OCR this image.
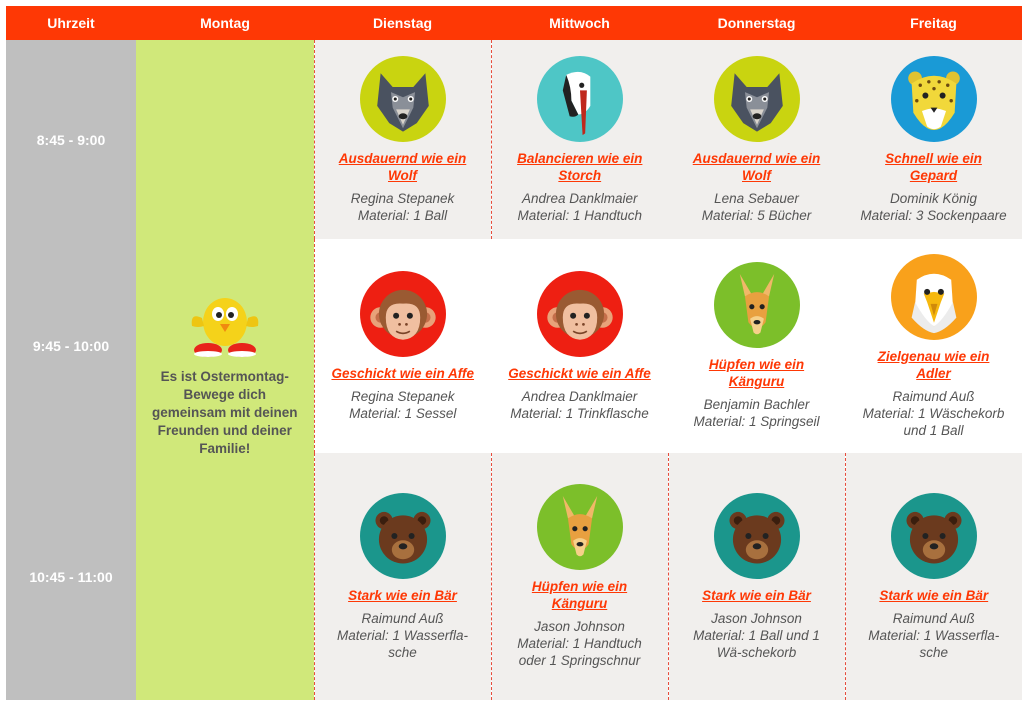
Uhrzeit	Montag	Dienstag	Mittwoch	Donnerstag	Freitag
8:45 - 9:00	Es ist Ostermontag- Bewege dich gemeinsam mit deinen Freunden und deiner Familie!	Ausdauernd wie ein Wolf
Regina Stepanek
Material: 1 Ball	Balancieren wie ein Storch
Andrea Danklmaier
Material: 1 Handtuch	Ausdauernd wie ein Wolf
Lena Sebauer
Material: 5 Bücher	Schnell wie ein Gepard
Dominik König
Material: 3 Sockenpaare

9:45 - 10:00		Geschickt wie ein Affe
Regina Stepanek
Material: 1 Sessel	Geschickt wie ein Affe
Andrea Danklmaier
Material: 1 Trinkflasche	Hüpfen wie ein Känguru
Benjamin Bachler
Material: 1 Springseil	Zielgenau wie ein Adler
Raimund Auß
Material: 1 Wäschekorb und 1 Ball

10:45 - 11:00		Stark wie ein Bär
Raimund Auß
Material: 1 Wasserfla-sche	Hüpfen wie ein Känguru
Jason Johnson
Material: 1 Handtuch oder 1 Springschnur	Stark wie ein Bär
Jason Johnson
Material: 1 Ball und 1 Wä-schekorb	Stark wie ein Bär
Raimund Auß
Material: 1 Wasserfla-sche
